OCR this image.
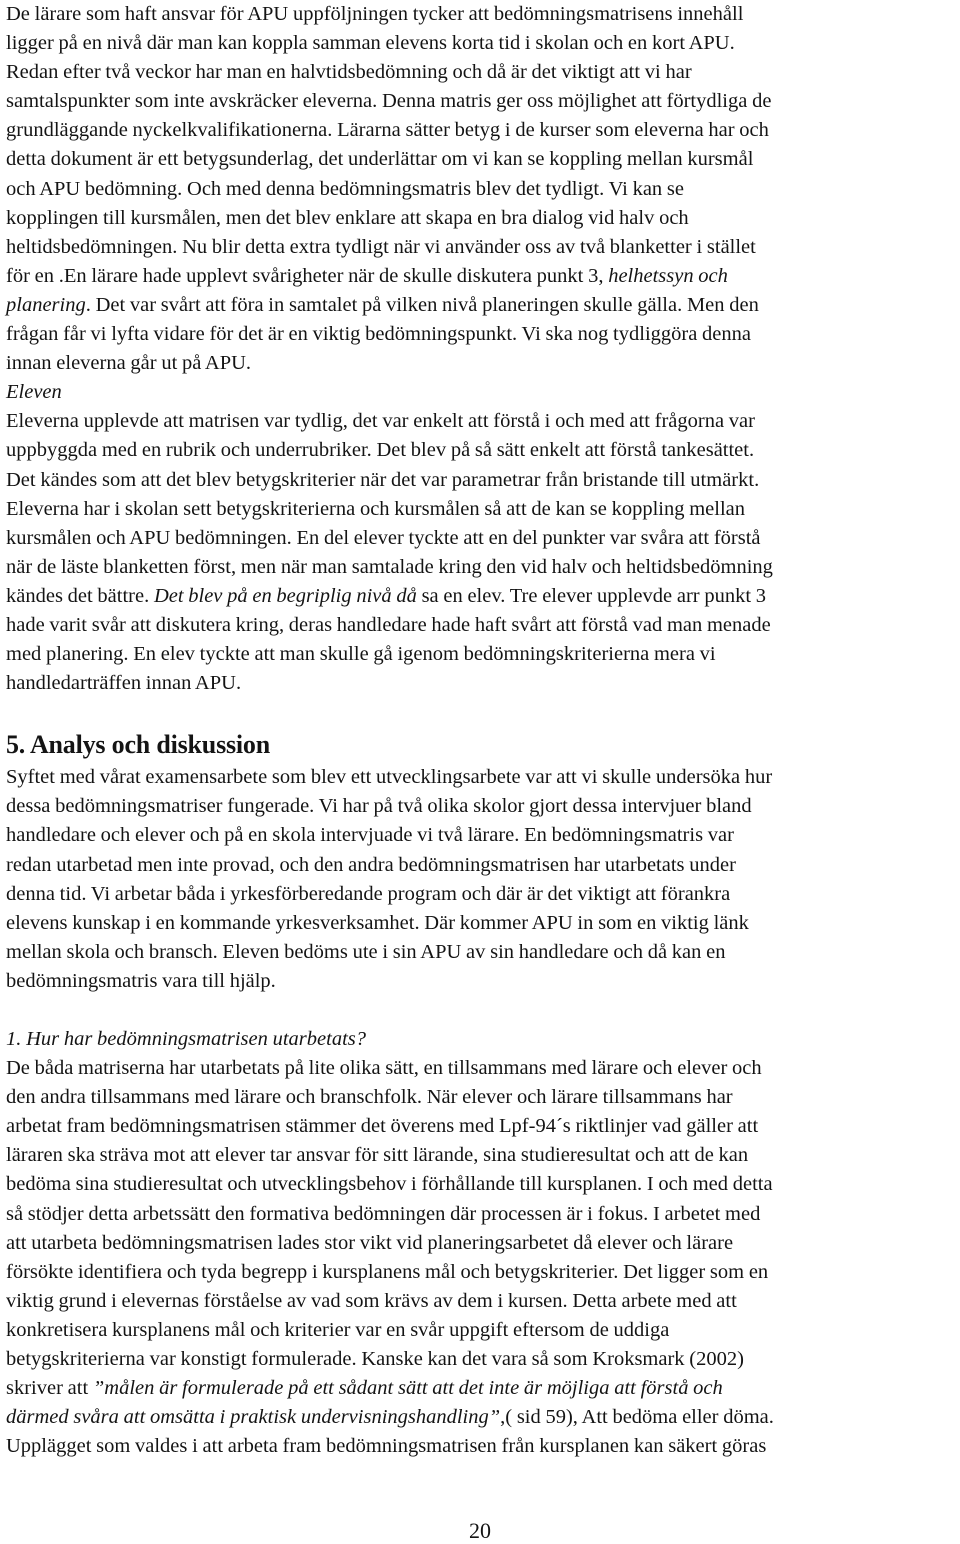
De lärare som haft ansvar för APU uppföljningen tycker att bedömningsmatrisens innehåll
ligger på en nivå där man kan koppla samman elevens korta tid i skolan och en kort APU.
Redan efter två veckor har man en halvtidsbedömning och då är det viktigt att vi har
samtalspunkter som inte avskräcker eleverna. Denna matris ger oss möjlighet att förtydliga de
grundläggande nyckelkvalifikationerna. Lärarna sätter betyg i de kurser som eleverna har och
detta dokument är ett betygsunderlag, det underlättar om vi kan se koppling mellan kursmål
och APU bedömning. Och med denna bedömningsmatris blev det tydligt. Vi kan se
kopplingen till kursmålen, men det blev enklare att skapa en bra dialog vid halv och
heltidsbedömningen. Nu blir detta extra tydligt när vi använder oss av två blanketter i stället
för en .En lärare hade upplevt svårigheter när de skulle diskutera punkt 3, helhetssyn och
planering. Det var svårt att föra in samtalet på vilken nivå planeringen skulle gälla. Men den
frågan får vi lyfta vidare för det är en viktig bedömningspunkt. Vi ska nog tydliggöra denna
innan eleverna går ut på APU.

Eleven
Eleverna upplevde att matrisen var tydlig, det var enkelt att förstå i och med att frågorna var
uppbyggda med en rubrik och underrubriker. Det blev på så sätt enkelt att förstå tankesättet.
Det kändes som att det blev betygskriterier när det var parametrar från bristande till utmärkt.
Eleverna har i skolan sett betygskriterierna och kursmålen så att de kan se koppling mellan
kursmålen och APU bedömningen. En del elever tyckte att en del punkter var svåra att förstå
när de läste blanketten först, men när man samtalade kring den vid halv och heltidsbedömning
kändes det bättre. Det blev på en begriplig nivå då sa en elev. Tre elever upplevde arr punkt 3
hade varit svår att diskutera kring, deras handledare hade haft svårt att förstå vad man menade
med planering. En elev tyckte att man skulle gå igenom bedömningskriterierna mera vi
handledarträffen innan APU.

5. Analys och diskussion

Syftet med vårat examensarbete som blev ett utvecklingsarbete var att vi skulle undersöka hur
dessa bedömningsmatriser fungerade. Vi har på två olika skolor gjort dessa intervjuer bland
handledare och elever och på en skola intervjuade vi två lärare. En bedömningsmatris var
redan utarbetad men inte provad, och den andra bedömningsmatrisen har utarbetats under
denna tid. Vi arbetar båda i yrkesförberedande program och där är det viktigt att förankra
elevens kunskap i en kommande yrkesverksamhet. Där kommer APU in som en viktig länk
mellan skola och bransch. Eleven bedöms ute i sin APU av sin handledare och då kan en
bedömningsmatris vara till hjälp.

1. Hur har bedömningsmatrisen utarbetats?
De båda matriserna har utarbetats på lite olika sätt, en tillsammans med lärare och elever och
den andra tillsammans med lärare och branschfolk. När elever och lärare tillsammans har
arbetat fram bedömningsmatrisen stämmer det överens med Lpf-94´s riktlinjer vad gäller att
läraren ska sträva mot att elever tar ansvar för sitt lärande, sina studieresultat och att de kan
bedöma sina studieresultat och utvecklingsbehov i förhållande till kursplanen. I och med detta
så stödjer detta arbetssätt den formativa bedömningen där processen är i fokus. I arbetet med
att utarbeta bedömningsmatrisen lades stor vikt vid planeringsarbetet då elever och lärare
försökte identifiera och tyda begrepp i kursplanens mål och betygskriterier. Det ligger som en
viktig grund i elevernas förståelse av vad som krävs av dem i kursen. Detta arbete med att
konkretisera kursplanens mål och kriterier var en svår uppgift eftersom de uddiga
betygskriterierna var konstigt formulerade. Kanske kan det vara så som Kroksmark (2002)
skriver att ”målen är formulerade på ett sådant sätt att det inte är möjliga att förstå och
därmed svåra att omsätta i praktisk undervisningshandling”,( sid 59), Att bedöma eller döma.
Upplägget som valdes i att arbeta fram bedömningsmatrisen från kursplanen kan säkert göras

20
